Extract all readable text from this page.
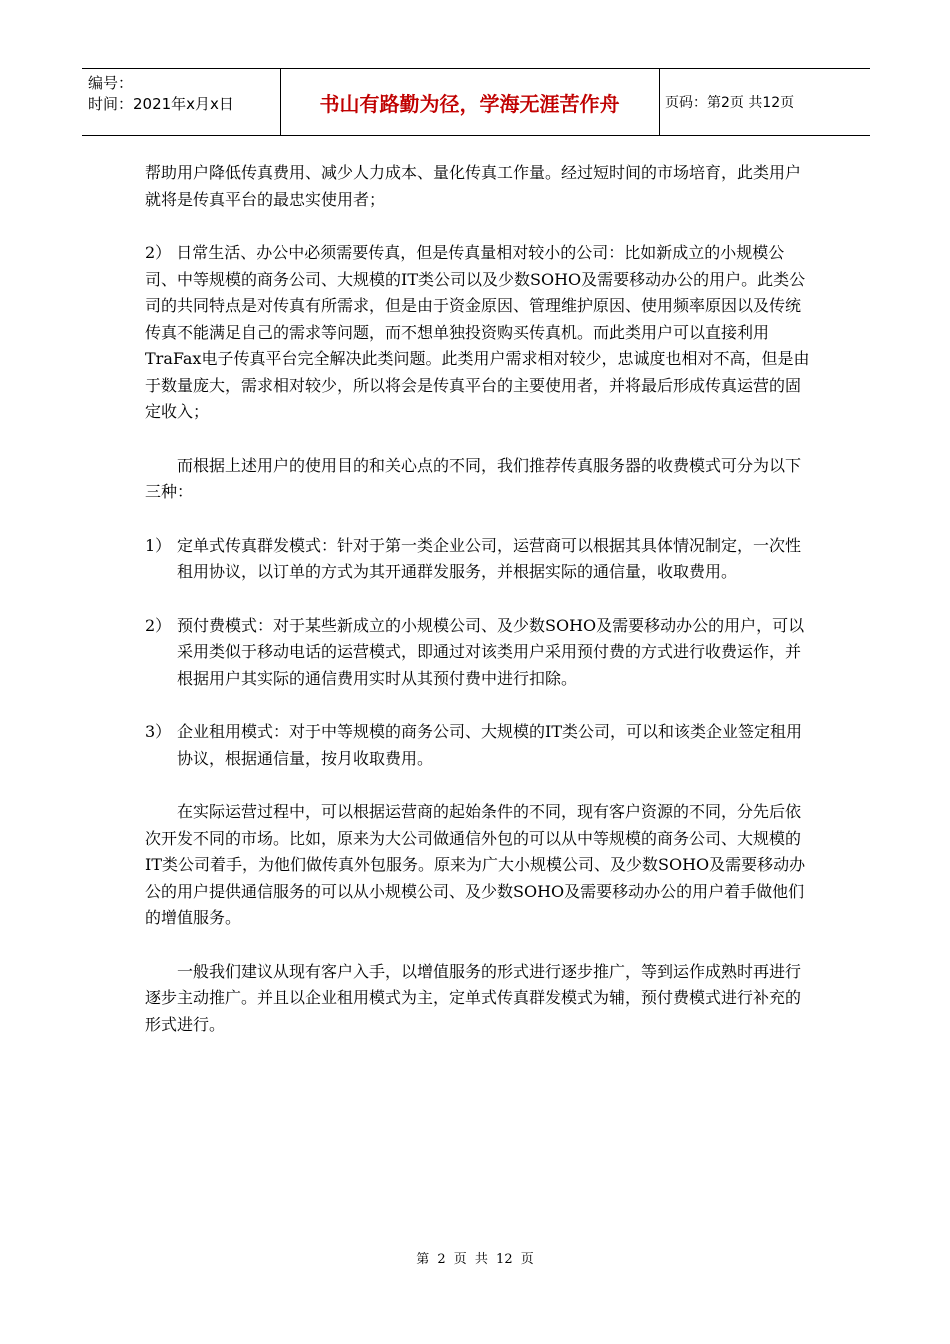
编号：
时间：2021年x月x日	书山有路勤为径，学海无涯苦作舟	页码：第2页 共12页

帮助用户降低传真费用、减少人力成本、量化传真工作量。经过短时间的市场培育，此类用户就将是传真平台的最忠实使用者；

2） 日常生活、办公中必须需要传真，但是传真量相对较小的公司：比如新成立的小规模公司、中等规模的商务公司、大规模的IT类公司以及少数SOHO及需要移动办公的用户。此类公司的共同特点是对传真有所需求，但是由于资金原因、管理维护原因、使用频率原因以及传统传真不能满足自己的需求等问题，而不想单独投资购买传真机。而此类用户可以直接利用TraFax电子传真平台完全解决此类问题。此类用户需求相对较少，忠诚度也相对不高，但是由于数量庞大，需求相对较少，所以将会是传真平台的主要使用者，并将最后形成传真运营的固定收入；

而根据上述用户的使用目的和关心点的不同，我们推荐传真服务器的收费模式可分为以下三种：

1） 定单式传真群发模式：针对于第一类企业公司，运营商可以根据其具体情况制定，一次性租用协议，以订单的方式为其开通群发服务，并根据实际的通信量，收取费用。
2） 预付费模式：对于某些新成立的小规模公司、及少数SOHO及需要移动办公的用户，可以采用类似于移动电话的运营模式，即通过对该类用户采用预付费的方式进行收费运作，并根据用户其实际的通信费用实时从其预付费中进行扣除。
3） 企业租用模式：对于中等规模的商务公司、大规模的IT类公司，可以和该类企业签定租用协议，根据通信量，按月收取费用。

在实际运营过程中，可以根据运营商的起始条件的不同，现有客户资源的不同，分先后依次开发不同的市场。比如，原来为大公司做通信外包的可以从中等规模的商务公司、大规模的IT类公司着手，为他们做传真外包服务。原来为广大小规模公司、及少数SOHO及需要移动办公的用户提供通信服务的可以从小规模公司、及少数SOHO及需要移动办公的用户着手做他们的增值服务。

一般我们建议从现有客户入手，以增值服务的形式进行逐步推广，等到运作成熟时再进行逐步主动推广。并且以企业租用模式为主，定单式传真群发模式为辅，预付费模式进行补充的形式进行。

第 2 页 共 12 页
